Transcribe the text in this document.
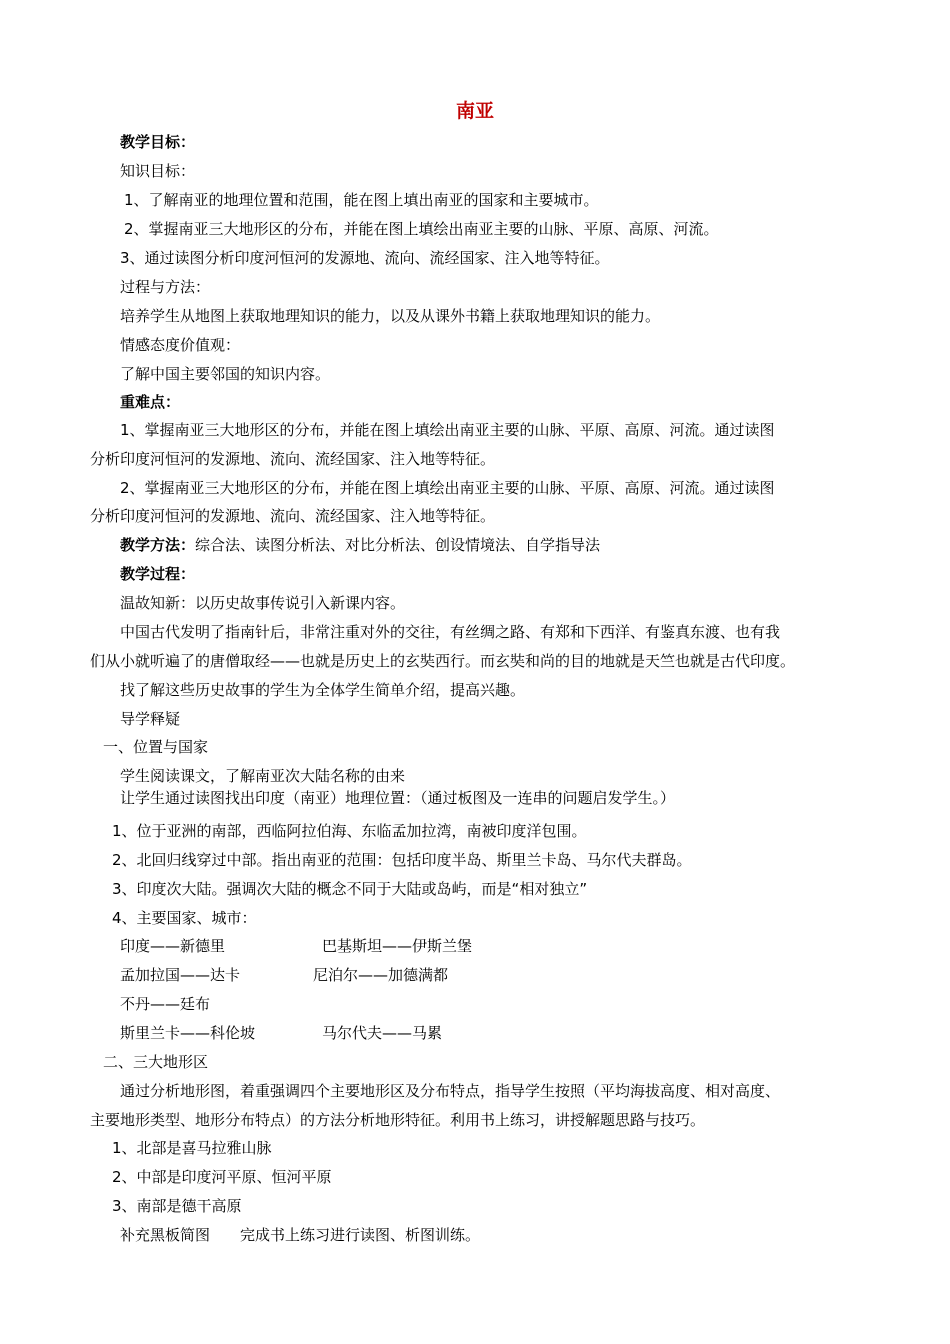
南亚
教学目标：
知识目标：
1、了解南亚的地理位置和范围，能在图上填出南亚的国家和主要城市。
2、掌握南亚三大地形区的分布，并能在图上填绘出南亚主要的山脉、平原、高原、河流。
3、通过读图分析印度河恒河的发源地、流向、流经国家、注入地等特征。
过程与方法：
培养学生从地图上获取地理知识的能力，以及从课外书籍上获取地理知识的能力。
情感态度价值观：
了解中国主要邻国的知识内容。
重难点：
1、掌握南亚三大地形区的分布，并能在图上填绘出南亚主要的山脉、平原、高原、河流。通过读图
分析印度河恒河的发源地、流向、流经国家、注入地等特征。
2、掌握南亚三大地形区的分布，并能在图上填绘出南亚主要的山脉、平原、高原、河流。通过读图
分析印度河恒河的发源地、流向、流经国家、注入地等特征。
教学方法：综合法、读图分析法、对比分析法、创设情境法、自学指导法
教学过程：
温故知新：以历史故事传说引入新课内容。
中国古代发明了指南针后，非常注重对外的交往，有丝绸之路、有郑和下西洋、有鉴真东渡、也有我
们从小就听遍了的唐僧取经——也就是历史上的玄奘西行。而玄奘和尚的目的地就是天竺也就是古代印度。
找了解这些历史故事的学生为全体学生简单介绍，提高兴趣。
导学释疑
一、位置与国家
学生阅读课文，了解南亚次大陆名称的由来
让学生通过读图找出印度（南亚）地理位置：（通过板图及一连串的问题启发学生。）
1、位于亚洲的南部，西临阿拉伯海、东临孟加拉湾，南被印度洋包围。
2、北回归线穿过中部。指出南亚的范围：包括印度半岛、斯里兰卡岛、马尔代夫群岛。
3、印度次大陆。强调次大陆的概念不同于大陆或岛屿，而是“相对独立”
4、主要国家、城市：
印度——新德里	巴基斯坦——伊斯兰堡
孟加拉国——达卡	尼泊尔——加德满都
不丹——廷布
斯里兰卡——科伦坡	马尔代夫——马累
二、三大地形区
通过分析地形图，着重强调四个主要地形区及分布特点，指导学生按照（平均海拔高度、相对高度、
主要地形类型、地形分布特点）的方法分析地形特征。利用书上练习，讲授解题思路与技巧。
1、北部是喜马拉雅山脉
2、中部是印度河平原、恒河平原
3、南部是德干高原
补充黑板简图　　完成书上练习进行读图、析图训练。
